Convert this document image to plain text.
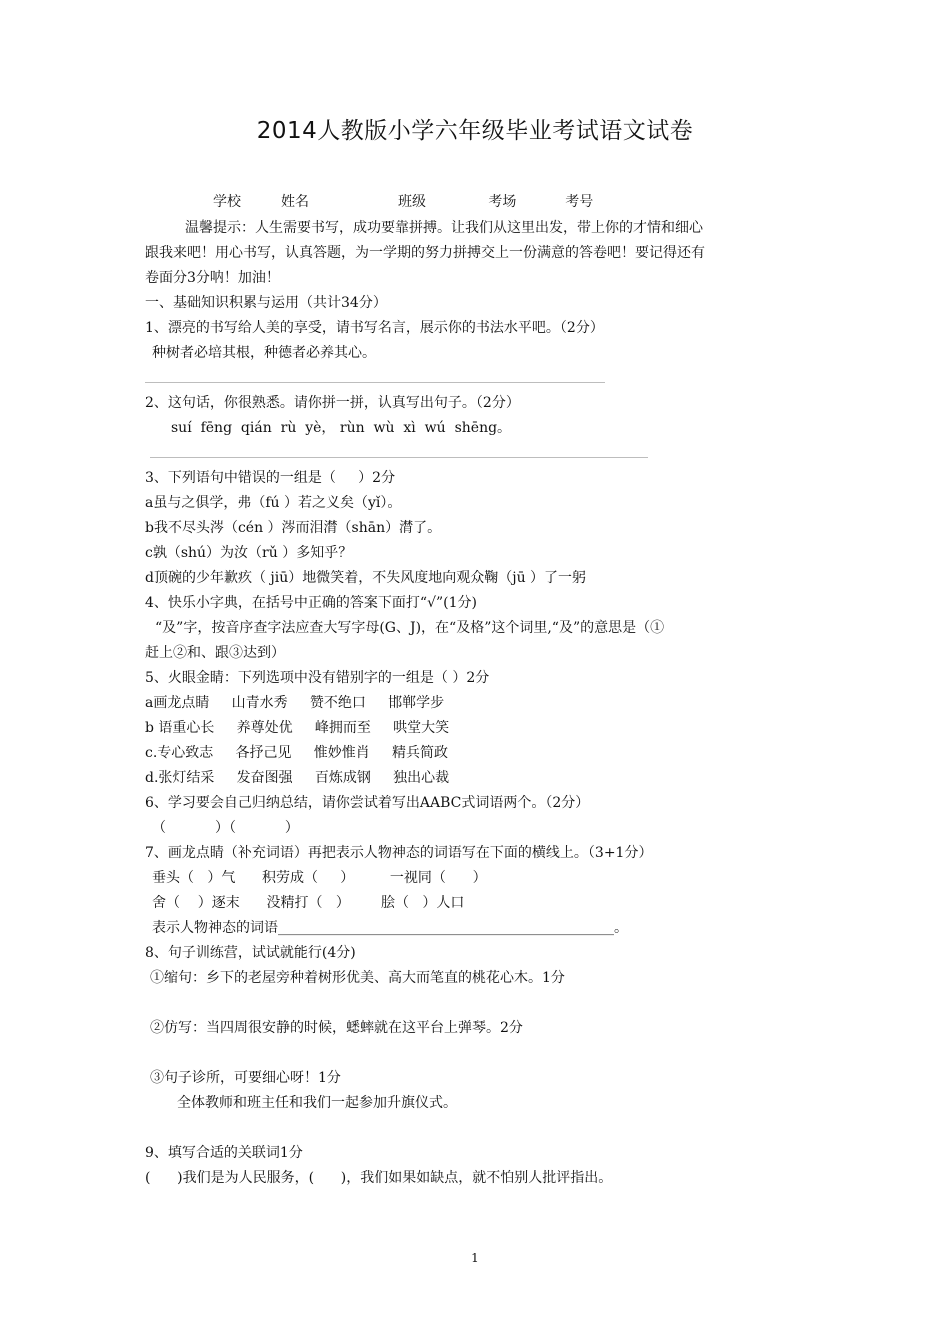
2014人教版小学六年级毕业考试语文试卷
学校         姓名                    班级              考场           考号
温馨提示：人生需要书写，成功要靠拼搏。让我们从这里出发，带上你的才情和细心
跟我来吧！用心书写，认真答题，为一学期的努力拼搏交上一份满意的答卷吧！要记得还有
卷面分3分呐！加油！
一、基础知识积累与运用（共计34分）
1、漂亮的书写给人美的享受，请书写名言，展示你的书法水平吧。（2分）
种树者必培其根，种德者必养其心。
2、这句话，你很熟悉。请你拼一拼，认真写出句子。（2分）
suí  fēng  qián  rù  yè， rùn  wù  xì  wú  shēng。
3、下列语句中错误的一组是（     ）2分
a虽与之俱学，弗（fú ）若之义矣（yǐ）。
b我不尽头涔（cén ）涔而泪潸（shān）潸了。
c孰（shú）为汝（rǔ ）多知乎？
d顶碗的少年歉疚（ jiū）地微笑着，不失风度地向观众鞠（jū ）了一躬
4、快乐小字典，在括号中正确的答案下面打“√”(1分)
“及”字，按音序查字法应查大写字母(G、J)，在“及格”这个词里,“及”的意思是（①
赶上②和、跟③达到）
5、火眼金睛：下列选项中没有错别字的一组是（ ）2分
a画龙点睛     山青水秀     赞不绝口     邯郸学步
b 语重心长     养尊处优     峰拥而至     哄堂大笑
c.专心致志     各抒己见     惟妙惟肖     精兵简政
d.张灯结采     发奋图强     百炼成钢     独出心裁
6、学习要会自己归纳总结，请你尝试着写出AABC式词语两个。（2分）
（           ）（           ）
7、画龙点睛（补充词语）再把表示人物神态的词语写在下面的横线上。（3+1分）
垂头（   ）气      积劳成（     ）        一视同（      ）
舍（    ）逐末      没精打（   ）       脍（   ）人口
表示人物神态的词语________________________________________________。
8、句子训练营，试试就能行(4分)
①缩句：乡下的老屋旁种着树形优美、高大而笔直的桃花心木。1分
②仿写：当四周很安静的时候，蟋蟀就在这平台上弹琴。2分
③句子诊所，可要细心呀！1分
全体教师和班主任和我们一起参加升旗仪式。
9、填写合适的关联词1分
(      )我们是为人民服务，(      )，我们如果如缺点，就不怕别人批评指出。
1
